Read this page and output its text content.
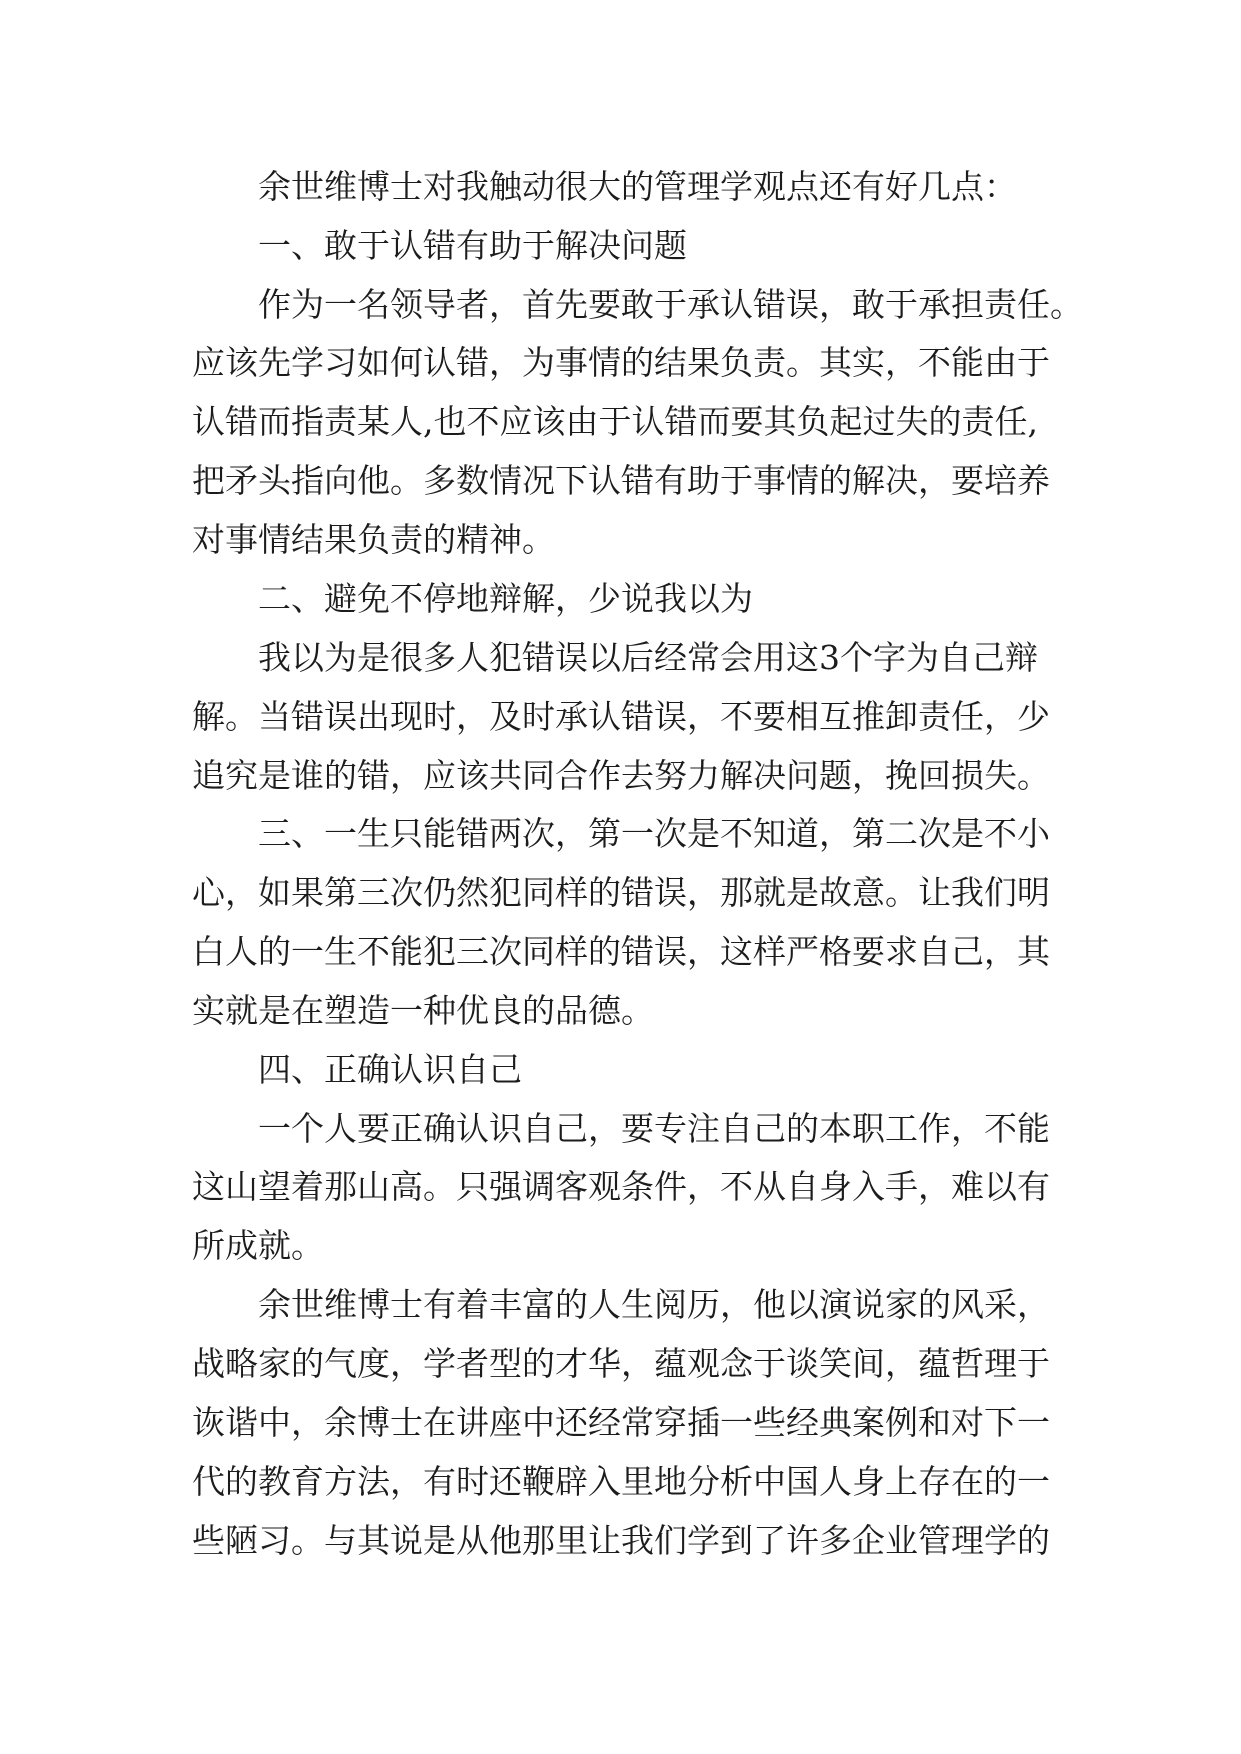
余世维博士对我触动很大的管理学观点还有好几点：
一、敢于认错有助于解决问题
作为一名领导者，首先要敢于承认错误，敢于承担责任。
应该先学习如何认错，为事情的结果负责。其实，不能由于
认错而指责某人,也不应该由于认错而要其负起过失的责任,
把矛头指向他。多数情况下认错有助于事情的解决，要培养
对事情结果负责的精神。
二、避免不停地辩解，少说我以为
我以为是很多人犯错误以后经常会用这3个字为自己辩
解。当错误出现时，及时承认错误，不要相互推卸责任，少
追究是谁的错，应该共同合作去努力解决问题，挽回损失。
三、一生只能错两次，第一次是不知道，第二次是不小
心，如果第三次仍然犯同样的错误，那就是故意。让我们明
白人的一生不能犯三次同样的错误，这样严格要求自己，其
实就是在塑造一种优良的品德。
四、正确认识自己
一个人要正确认识自己，要专注自己的本职工作，不能
这山望着那山高。只强调客观条件，不从自身入手，难以有
所成就。
余世维博士有着丰富的人生阅历，他以演说家的风采，
战略家的气度，学者型的才华，蕴观念于谈笑间，蕴哲理于
诙谐中，余博士在讲座中还经常穿插一些经典案例和对下一
代的教育方法，有时还鞭辟入里地分析中国人身上存在的一
些陋习。与其说是从他那里让我们学到了许多企业管理学的
